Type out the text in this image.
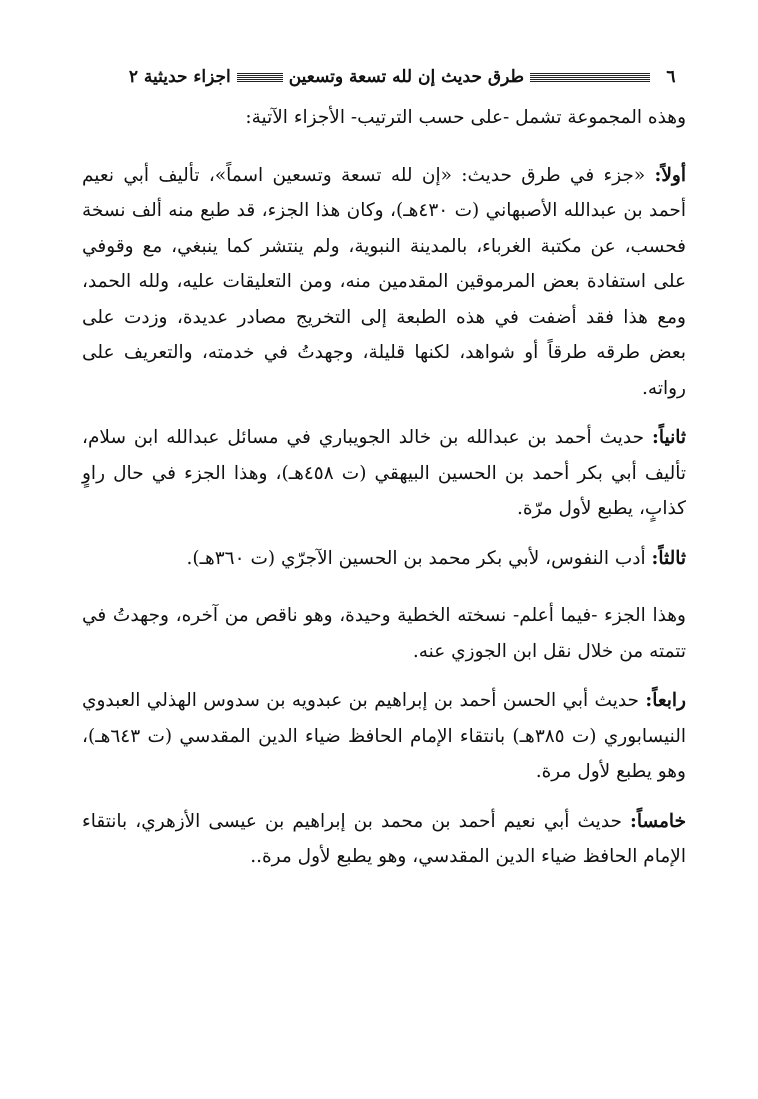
٦
طرق حديث إن لله تسعة وتسعين
اجزاء حديثية ٢

وهذه المجموعة تشمل -على حسب الترتيب- الأجزاء الآتية:

أولاً: «جزء في طرق حديث: «إن لله تسعة وتسعين اسماً»، تأليف أبي نعيم أحمد بن عبدالله الأصبهاني (ت ٤٣٠هـ)، وكان هذا الجزء، قد طبع منه ألف نسخة فحسب، عن مكتبة الغرباء، بالمدينة النبوية، ولم ينتشر كما ينبغي، مع وقوفي على استفادة بعض المرموقين المقدمين منه، ومن التعليقات عليه، ولله الحمد، ومع هذا فقد أضفت في هذه الطبعة إلى التخريج مصادر عديدة، وزدت على بعض طرقه طرقاً أو شواهد، لكنها قليلة، وجهدتُ في خدمته، والتعريف على رواته.

ثانياً: حديث أحمد بن عبدالله بن خالد الجويباري في مسائل عبدالله ابن سلام، تأليف أبي بكر أحمد بن الحسين البيهقي (ت ٤٥٨هـ)، وهذا الجزء في حال راوٍ كذابٍ، يطبع لأول مرّة.

ثالثاً: أدب النفوس، لأبي بكر محمد بن الحسين الآجرّي (ت ٣٦٠هـ).

وهذا الجزء -فيما أعلم- نسخته الخطية وحيدة، وهو ناقص من آخره، وجهدتُ في تتمته من خلال نقل ابن الجوزي عنه.

رابعاً: حديث أبي الحسن أحمد بن إبراهيم بن عبدويه بن سدوس الهذلي العبدوي النيسابوري (ت ٣٨٥هـ) بانتقاء الإمام الحافظ ضياء الدين المقدسي (ت ٦٤٣هـ)، وهو يطبع لأول مرة.

خامساً: حديث أبي نعيم أحمد بن محمد بن إبراهيم بن عيسى الأزهري، بانتقاء الإمام الحافظ ضياء الدين المقدسي، وهو يطبع لأول مرة..
